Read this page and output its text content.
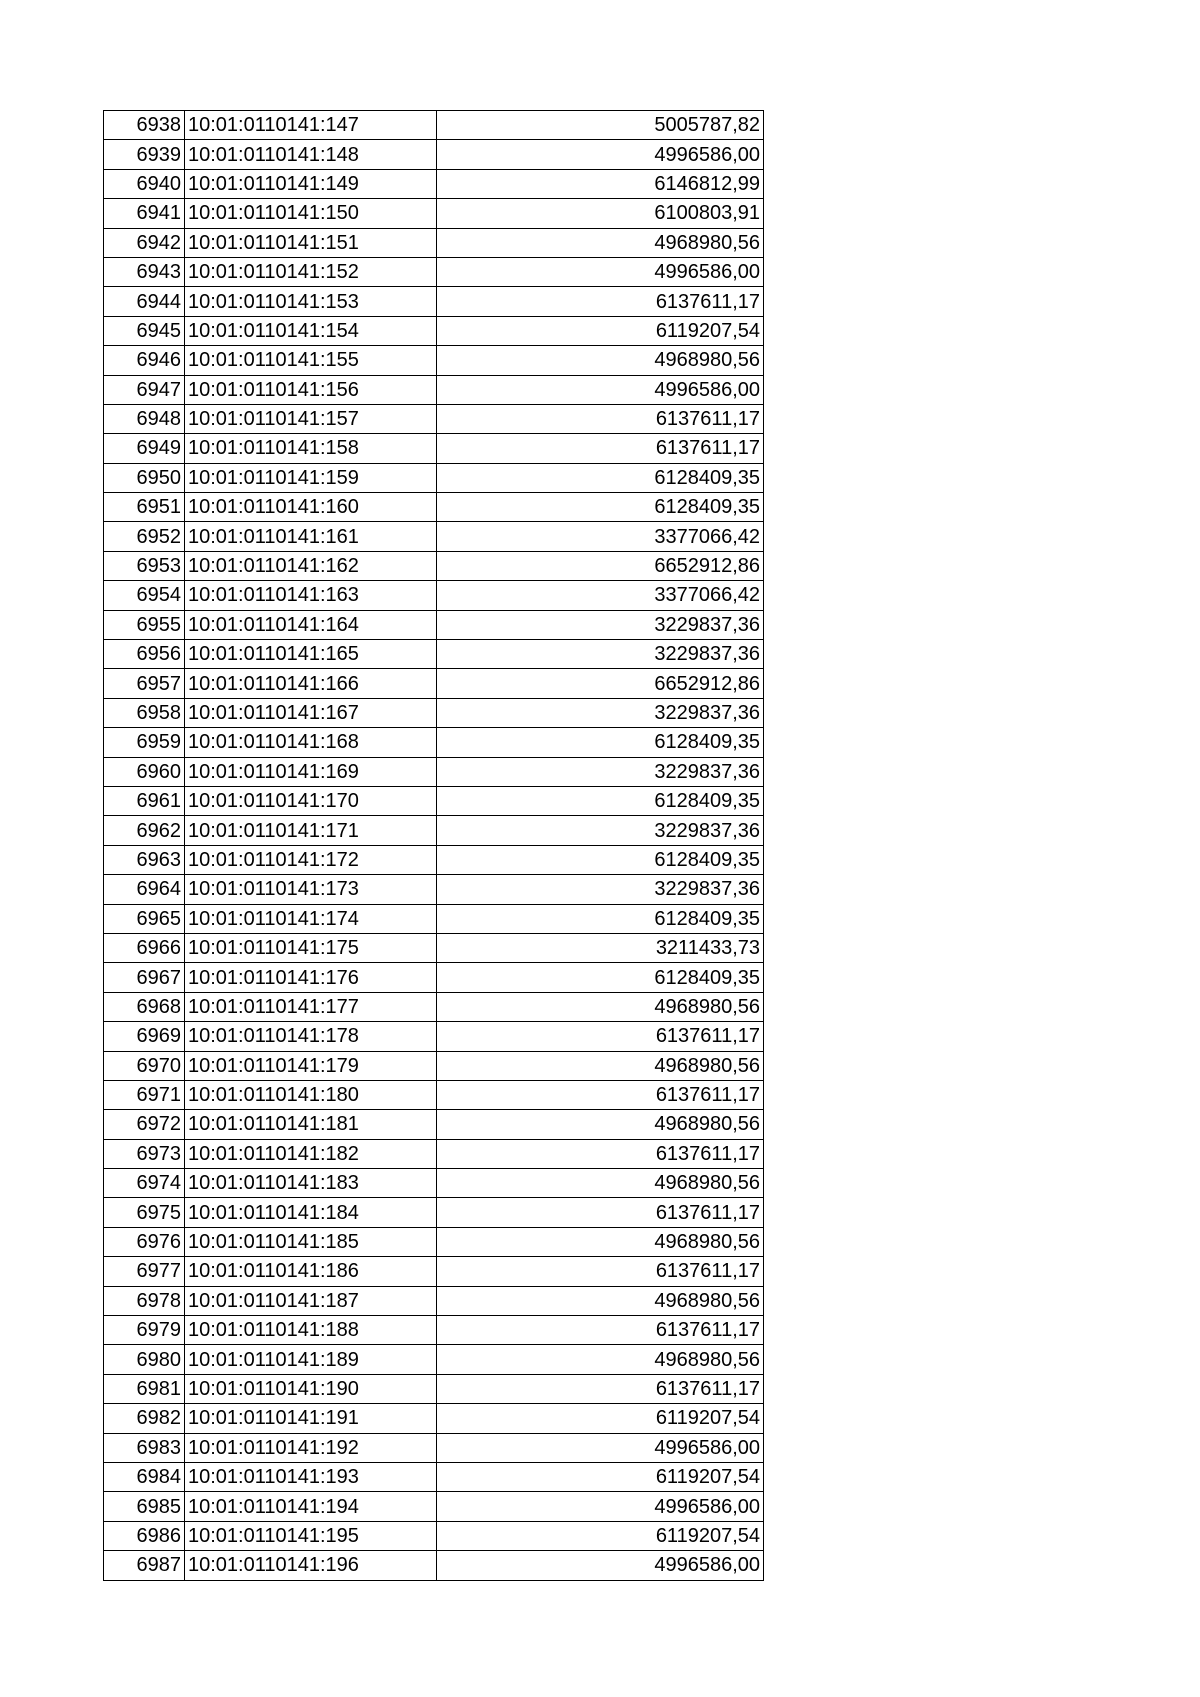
6938	10:01:0110141:147	5005787,82
6939	10:01:0110141:148	4996586,00
6940	10:01:0110141:149	6146812,99
6941	10:01:0110141:150	6100803,91
6942	10:01:0110141:151	4968980,56
6943	10:01:0110141:152	4996586,00
6944	10:01:0110141:153	6137611,17
6945	10:01:0110141:154	6119207,54
6946	10:01:0110141:155	4968980,56
6947	10:01:0110141:156	4996586,00
6948	10:01:0110141:157	6137611,17
6949	10:01:0110141:158	6137611,17
6950	10:01:0110141:159	6128409,35
6951	10:01:0110141:160	6128409,35
6952	10:01:0110141:161	3377066,42
6953	10:01:0110141:162	6652912,86
6954	10:01:0110141:163	3377066,42
6955	10:01:0110141:164	3229837,36
6956	10:01:0110141:165	3229837,36
6957	10:01:0110141:166	6652912,86
6958	10:01:0110141:167	3229837,36
6959	10:01:0110141:168	6128409,35
6960	10:01:0110141:169	3229837,36
6961	10:01:0110141:170	6128409,35
6962	10:01:0110141:171	3229837,36
6963	10:01:0110141:172	6128409,35
6964	10:01:0110141:173	3229837,36
6965	10:01:0110141:174	6128409,35
6966	10:01:0110141:175	3211433,73
6967	10:01:0110141:176	6128409,35
6968	10:01:0110141:177	4968980,56
6969	10:01:0110141:178	6137611,17
6970	10:01:0110141:179	4968980,56
6971	10:01:0110141:180	6137611,17
6972	10:01:0110141:181	4968980,56
6973	10:01:0110141:182	6137611,17
6974	10:01:0110141:183	4968980,56
6975	10:01:0110141:184	6137611,17
6976	10:01:0110141:185	4968980,56
6977	10:01:0110141:186	6137611,17
6978	10:01:0110141:187	4968980,56
6979	10:01:0110141:188	6137611,17
6980	10:01:0110141:189	4968980,56
6981	10:01:0110141:190	6137611,17
6982	10:01:0110141:191	6119207,54
6983	10:01:0110141:192	4996586,00
6984	10:01:0110141:193	6119207,54
6985	10:01:0110141:194	4996586,00
6986	10:01:0110141:195	6119207,54
6987	10:01:0110141:196	4996586,00
